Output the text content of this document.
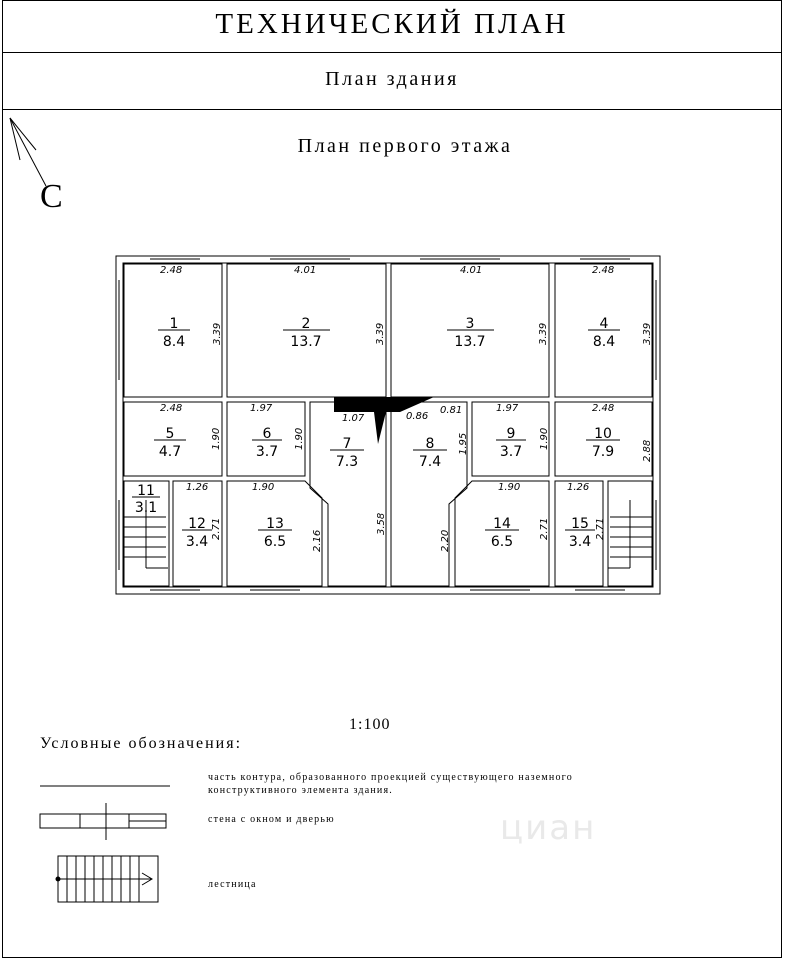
ТЕХНИЧЕСКИЙ ПЛАН
План здания
План первого этажа
С
циан
1
8.4
2
13.7
3
13.7
4
8.4
5
4.7
6
3.7	7
7.3
8
7.4
9
3.7
10
7.9
11
3.1
12
3.4
13
6.5
14
6.5
15
3.4
2.48	4.01	4.01	2.48
3.39	3.39	3.39	3.39
2.48	1.97
1.07	0.86
0.81	1.97	2.48
1.90	1.90	1.95	1.90
2.88
1.26	1.90	1.90	1.26
2.71
2.16
3.58
2.20
2.71	2.71
1:100
Условные обозначения:
часть контура, образованного проекцией существующего наземного конструктивного элемента здания.
стена с окном и дверью
лестница
